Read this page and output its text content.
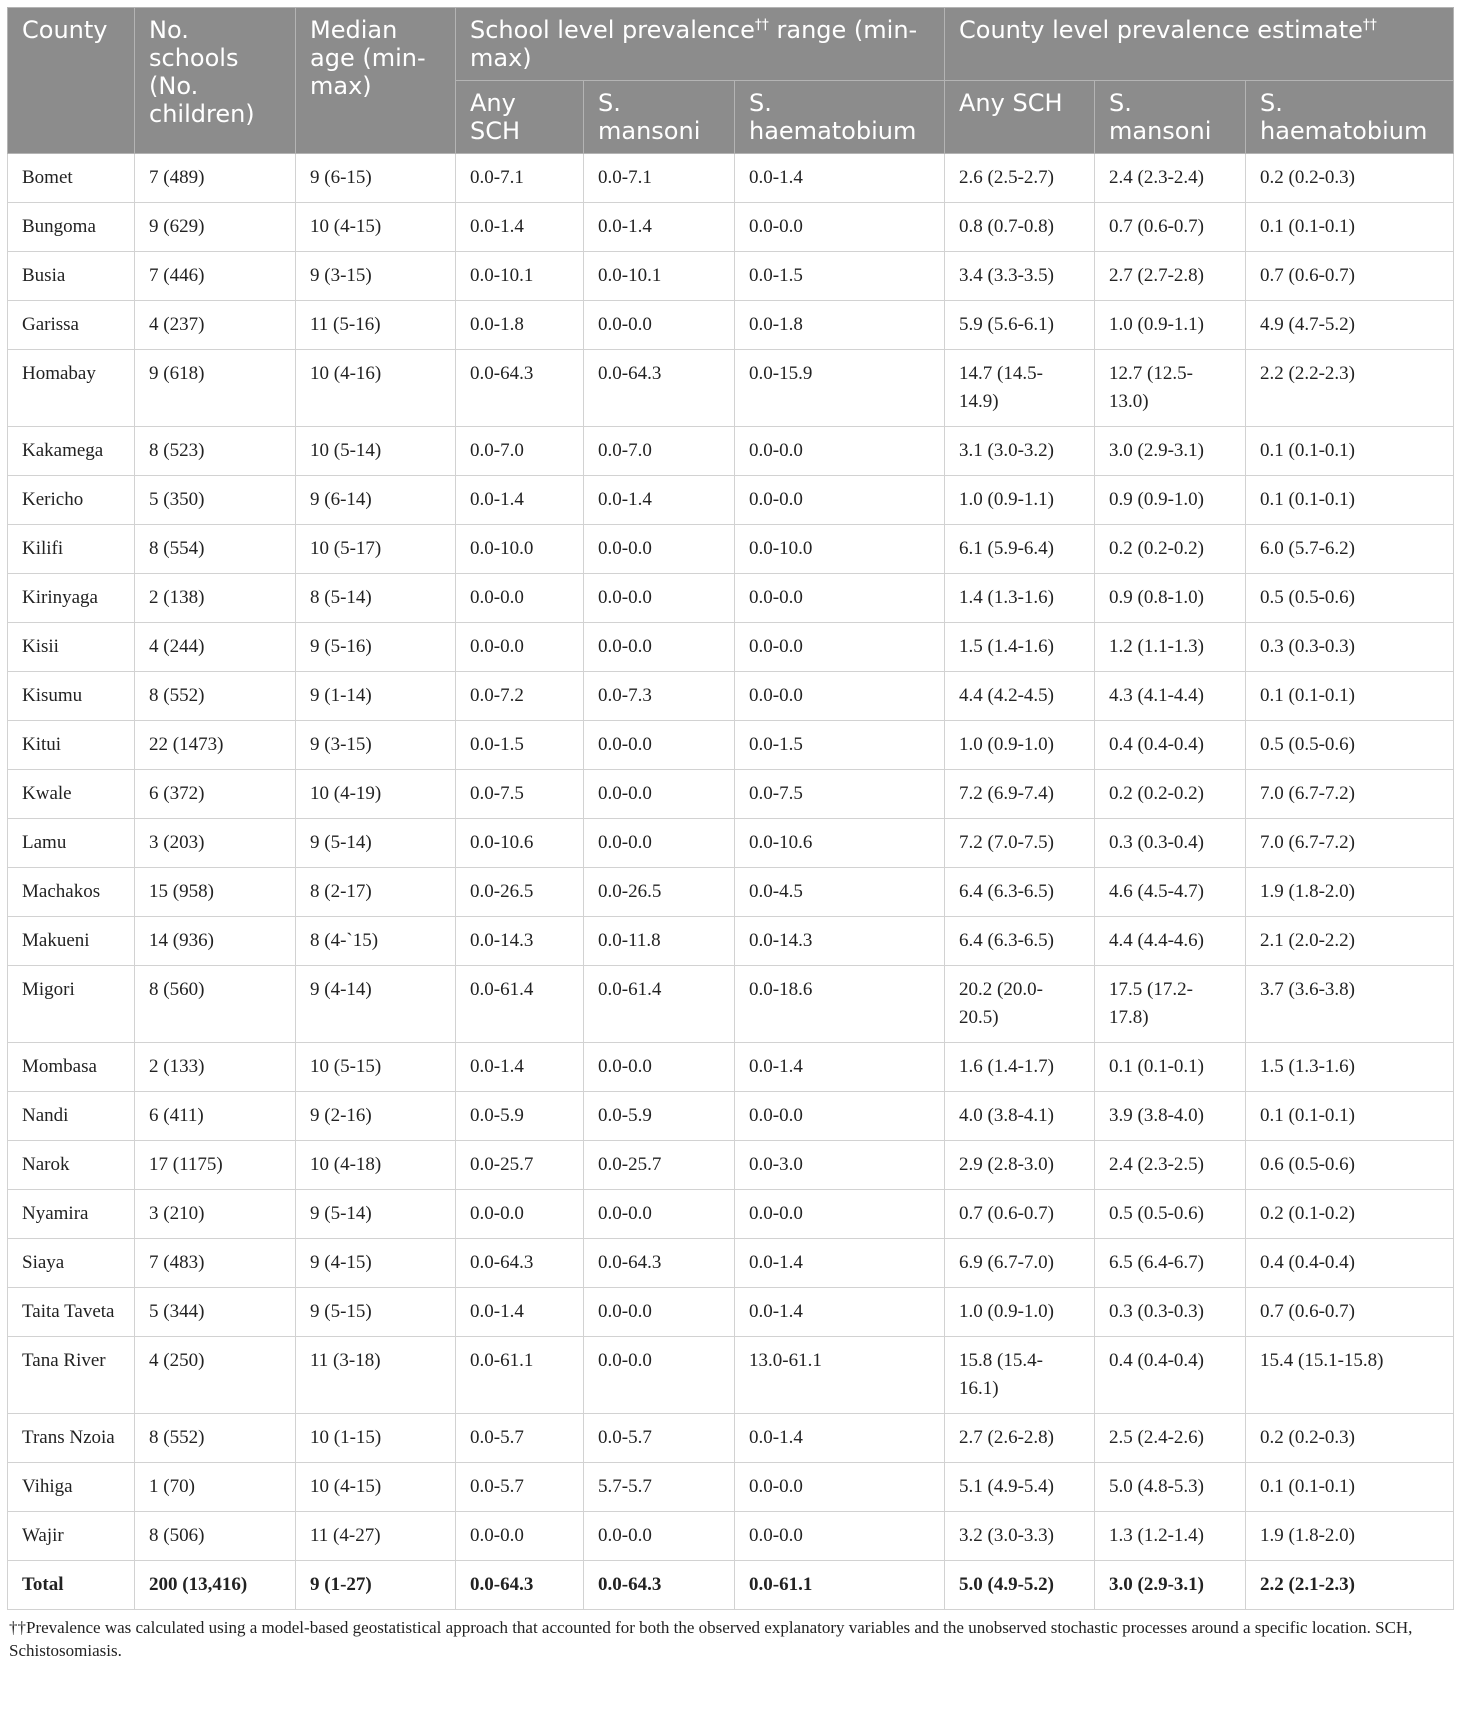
County	No. schools (No. children)	Median age (min-max)	School level prevalence†† range (min-max)			County level prevalence estimate††
			Any SCH	S. mansoni	S. haematobium	Any SCH	S. mansoni	S. haematobium
Bomet	7 (489)	9 (6-15)	0.0-7.1	0.0-7.1	0.0-1.4	2.6 (2.5-2.7)	2.4 (2.3-2.4)	0.2 (0.2-0.3)
Bungoma	9 (629)	10 (4-15)	0.0-1.4	0.0-1.4	0.0-0.0	0.8 (0.7-0.8)	0.7 (0.6-0.7)	0.1 (0.1-0.1)
Busia	7 (446)	9 (3-15)	0.0-10.1	0.0-10.1	0.0-1.5	3.4 (3.3-3.5)	2.7 (2.7-2.8)	0.7 (0.6-0.7)
Garissa	4 (237)	11 (5-16)	0.0-1.8	0.0-0.0	0.0-1.8	5.9 (5.6-6.1)	1.0 (0.9-1.1)	4.9 (4.7-5.2)
Homabay	9 (618)	10 (4-16)	0.0-64.3	0.0-64.3	0.0-15.9	14.7 (14.5-14.9)	12.7 (12.5-13.0)	2.2 (2.2-2.3)
Kakamega	8 (523)	10 (5-14)	0.0-7.0	0.0-7.0	0.0-0.0	3.1 (3.0-3.2)	3.0 (2.9-3.1)	0.1 (0.1-0.1)
Kericho	5 (350)	9 (6-14)	0.0-1.4	0.0-1.4	0.0-0.0	1.0 (0.9-1.1)	0.9 (0.9-1.0)	0.1 (0.1-0.1)
Kilifi	8 (554)	10 (5-17)	0.0-10.0	0.0-0.0	0.0-10.0	6.1 (5.9-6.4)	0.2 (0.2-0.2)	6.0 (5.7-6.2)
Kirinyaga	2 (138)	8 (5-14)	0.0-0.0	0.0-0.0	0.0-0.0	1.4 (1.3-1.6)	0.9 (0.8-1.0)	0.5 (0.5-0.6)
Kisii	4 (244)	9 (5-16)	0.0-0.0	0.0-0.0	0.0-0.0	1.5 (1.4-1.6)	1.2 (1.1-1.3)	0.3 (0.3-0.3)
Kisumu	8 (552)	9 (1-14)	0.0-7.2	0.0-7.3	0.0-0.0	4.4 (4.2-4.5)	4.3 (4.1-4.4)	0.1 (0.1-0.1)
Kitui	22 (1473)	9 (3-15)	0.0-1.5	0.0-0.0	0.0-1.5	1.0 (0.9-1.0)	0.4 (0.4-0.4)	0.5 (0.5-0.6)
Kwale	6 (372)	10 (4-19)	0.0-7.5	0.0-0.0	0.0-7.5	7.2 (6.9-7.4)	0.2 (0.2-0.2)	7.0 (6.7-7.2)
Lamu	3 (203)	9 (5-14)	0.0-10.6	0.0-0.0	0.0-10.6	7.2 (7.0-7.5)	0.3 (0.3-0.4)	7.0 (6.7-7.2)
Machakos	15 (958)	8 (2-17)	0.0-26.5	0.0-26.5	0.0-4.5	6.4 (6.3-6.5)	4.6 (4.5-4.7)	1.9 (1.8-2.0)
Makueni	14 (936)	8 (4-`15)	0.0-14.3	0.0-11.8	0.0-14.3	6.4 (6.3-6.5)	4.4 (4.4-4.6)	2.1 (2.0-2.2)
Migori	8 (560)	9 (4-14)	0.0-61.4	0.0-61.4	0.0-18.6	20.2 (20.0-20.5)	17.5 (17.2-17.8)	3.7 (3.6-3.8)
Mombasa	2 (133)	10 (5-15)	0.0-1.4	0.0-0.0	0.0-1.4	1.6 (1.4-1.7)	0.1 (0.1-0.1)	1.5 (1.3-1.6)
Nandi	6 (411)	9 (2-16)	0.0-5.9	0.0-5.9	0.0-0.0	4.0 (3.8-4.1)	3.9 (3.8-4.0)	0.1 (0.1-0.1)
Narok	17 (1175)	10 (4-18)	0.0-25.7	0.0-25.7	0.0-3.0	2.9 (2.8-3.0)	2.4 (2.3-2.5)	0.6 (0.5-0.6)
Nyamira	3 (210)	9 (5-14)	0.0-0.0	0.0-0.0	0.0-0.0	0.7 (0.6-0.7)	0.5 (0.5-0.6)	0.2 (0.1-0.2)
Siaya	7 (483)	9 (4-15)	0.0-64.3	0.0-64.3	0.0-1.4	6.9 (6.7-7.0)	6.5 (6.4-6.7)	0.4 (0.4-0.4)
Taita Taveta	5 (344)	9 (5-15)	0.0-1.4	0.0-0.0	0.0-1.4	1.0 (0.9-1.0)	0.3 (0.3-0.3)	0.7 (0.6-0.7)
Tana River	4 (250)	11 (3-18)	0.0-61.1	0.0-0.0	13.0-61.1	15.8 (15.4-16.1)	0.4 (0.4-0.4)	15.4 (15.1-15.8)
Trans Nzoia	8 (552)	10 (1-15)	0.0-5.7	0.0-5.7	0.0-1.4	2.7 (2.6-2.8)	2.5 (2.4-2.6)	0.2 (0.2-0.3)
Vihiga	1 (70)	10 (4-15)	0.0-5.7	5.7-5.7	0.0-0.0	5.1 (4.9-5.4)	5.0 (4.8-5.3)	0.1 (0.1-0.1)
Wajir	8 (506)	11 (4-27)	0.0-0.0	0.0-0.0	0.0-0.0	3.2 (3.0-3.3)	1.3 (1.2-1.4)	1.9 (1.8-2.0)
Total	200 (13,416)	9 (1-27)	0.0-64.3	0.0-64.3	0.0-61.1	5.0 (4.9-5.2)	3.0 (2.9-3.1)	2.2 (2.1-2.3)
††Prevalence was calculated using a model-based geostatistical approach that accounted for both the observed explanatory variables and the unobserved stochastic processes around a specific location. SCH, Schistosomiasis.
